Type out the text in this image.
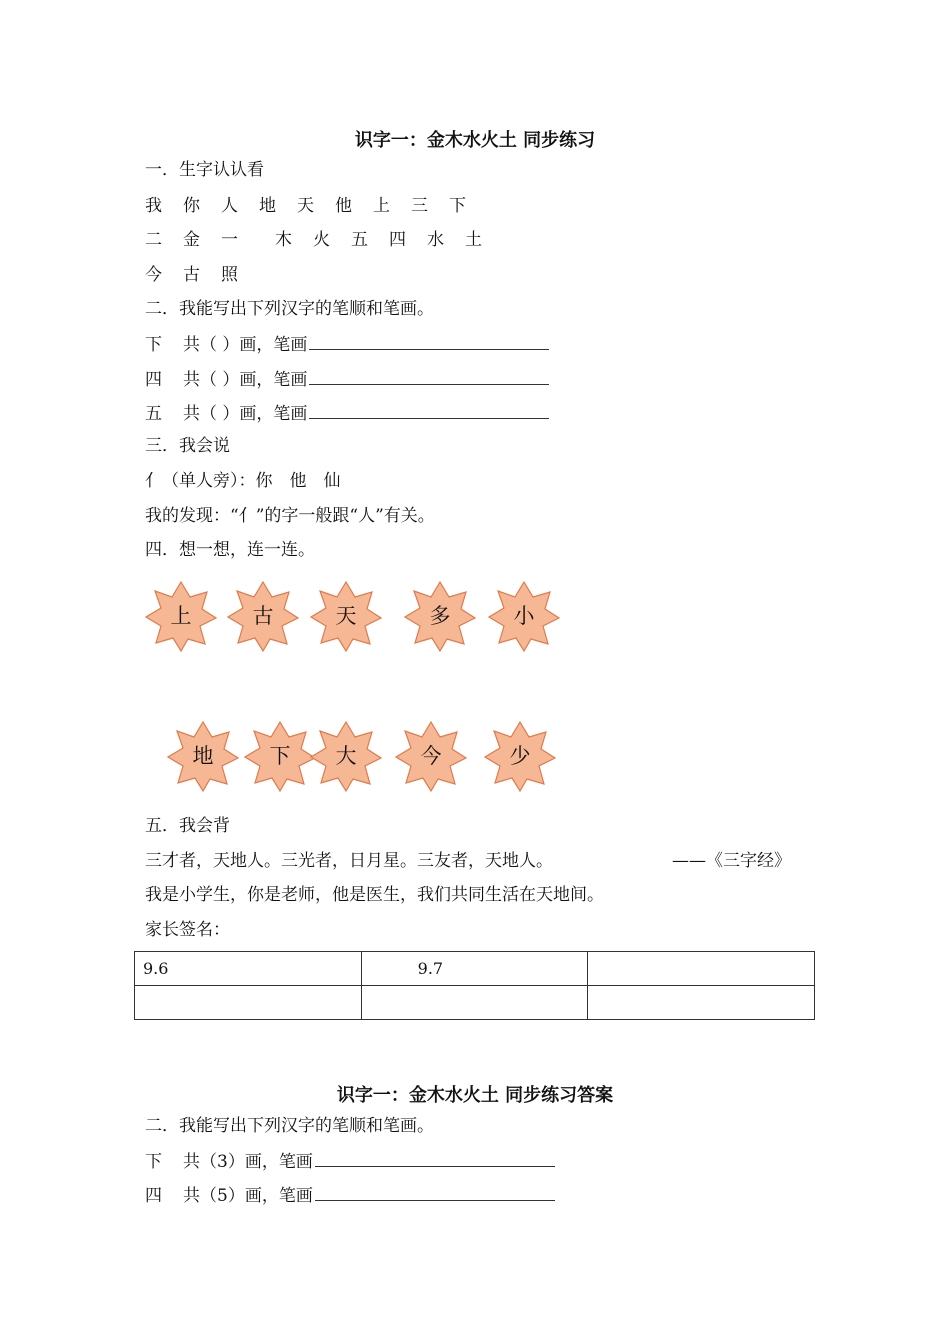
识字一：金木水火土 同步练习
一．生字认认看
我 你 人 地 天 他 上 三 下
二 金 一 木 火 五 四 水 土
今 古 照
二．我能写出下列汉字的笔顺和笔画。
下 共（ ）画，笔画
四 共（ ）画，笔画
五 共（ ）画，笔画
三．我会说
亻（单人旁）：你　他　仙
我的发现：“亻”的字一般跟“人”有关。
四．想一想，连一连。
上	古	天	多	小
地	下	大	今	少
五．我会背
三才者，天地人。三光者，日月星。三友者，天地人。	——《三字经》
我是小学生，你是老师，他是医生，我们共同生活在天地间。
家长签名：
9.6	9.7	

识字一：金木水火土 同步练习答案
二．我能写出下列汉字的笔顺和笔画。
下 共（3）画，笔画
四 共（5）画，笔画
